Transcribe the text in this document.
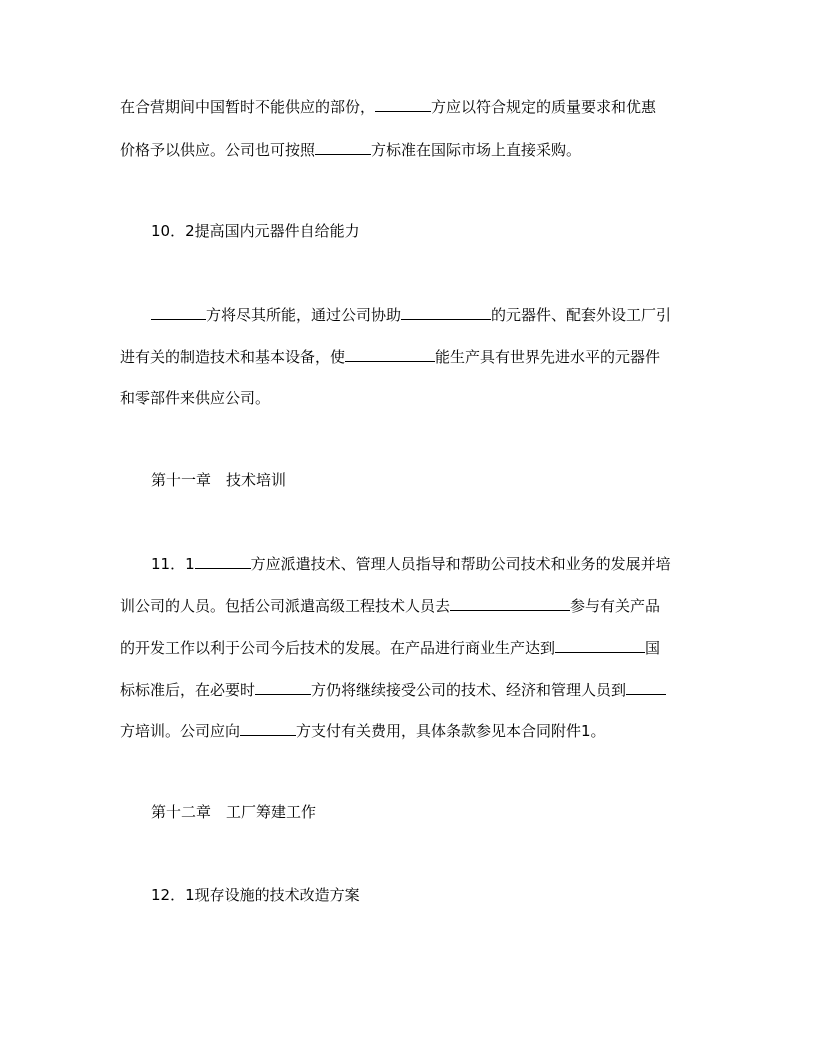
在合营期间中国暂时不能供应的部份，	方应以符合规定的质量要求和优惠
价格予以供应。公司也可按照	方标准在国际市场上直接采购。
10．2提高国内元器件自给能力
方将尽其所能，通过公司协助	的元器件、配套外设工厂引
进有关的制造技术和基本设备，使	能生产具有世界先进水平的元器件
和零部件来供应公司。
第十一章　技术培训
11．1	方应派遣技术、管理人员指导和帮助公司技术和业务的发展并培
训公司的人员。包括公司派遣高级工程技术人员去	参与有关产品
的开发工作以利于公司今后技术的发展。在产品进行商业生产达到	国
标标准后，在必要时	方仍将继续接受公司的技术、经济和管理人员到
方培训。公司应向	方支付有关费用，具体条款参见本合同附件1。
第十二章　工厂筹建工作
12．1现存设施的技术改造方案
